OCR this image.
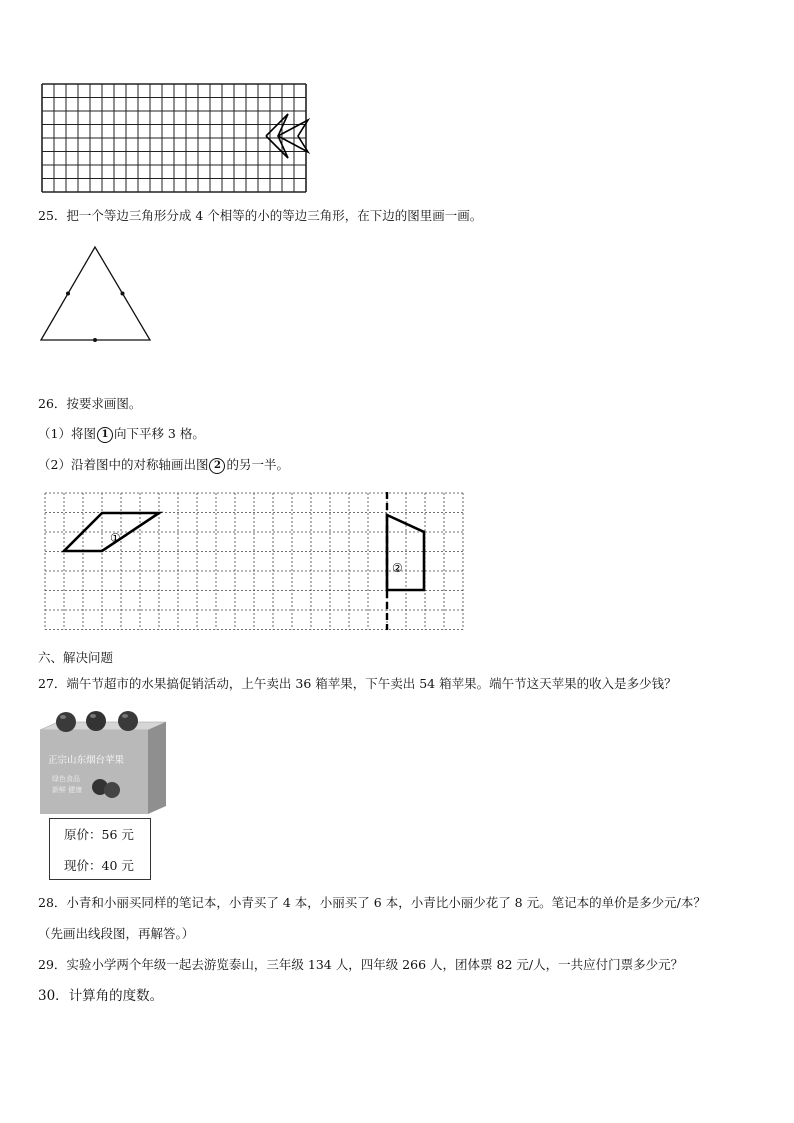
25．把一个等边三角形分成 4 个相等的小的等边三角形，在下边的图里画一画。
26．按要求画图。
（1）将图 1 向下平移 3 格。
（2）沿着图中的对称轴画出图 2 的另一半。
①
②
六、解决问题
27．端午节超市的水果搞促销活动，上午卖出 36 箱苹果，下午卖出 54 箱苹果。端午节这天苹果的收入是多少钱？
正宗山东烟台苹果
绿色食品
新鲜 健康
原价：56 元
现价：40 元
28．小青和小丽买同样的笔记本，小青买了 4 本，小丽买了 6 本，小青比小丽少花了 8 元。笔记本的单价是多少元/本？
（先画出线段图，再解答。）
29．实验小学两个年级一起去游览泰山，三年级 134 人，四年级 266 人，团体票 82 元/人，一共应付门票多少元？
30．计算角的度数。
